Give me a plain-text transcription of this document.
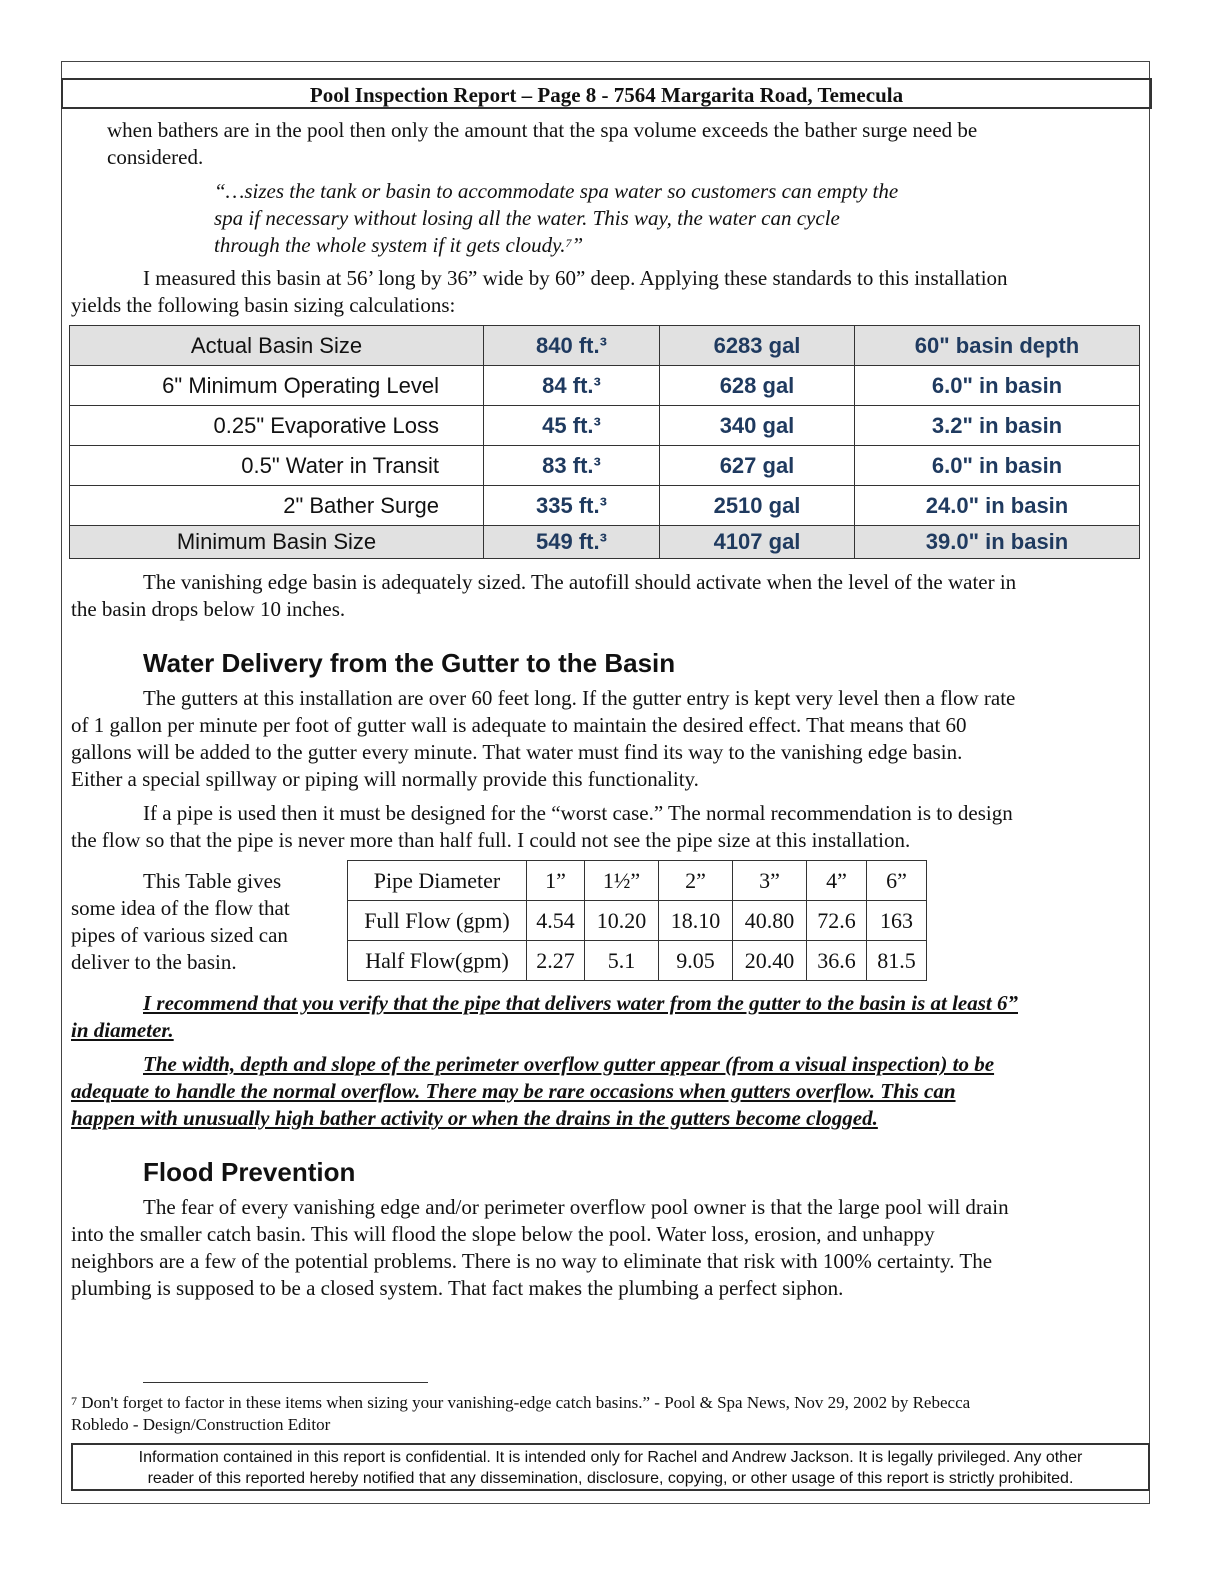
Pool Inspection Report – Page 8 - 7564 Margarita Road, Temecula

when bathers are in the pool then only the amount that the spa volume exceeds the bather surge need be

considered.

“…sizes the tank or basin to accommodate spa water so customers can empty the
spa if necessary without losing all the water. This way, the water can cycle
through the whole system if it gets cloudy.$^7$”

I measured this basin at 56’ long by 36” wide by 60” deep. Applying these standards to this installation

yields the following basin sizing calculations:

Actual Basin Size	840 ft.³	6283 gal	60" basin depth
6" Minimum Operating Level	84 ft.³	628 gal	6.0" in basin
0.25" Evaporative Loss	45 ft.³	340 gal	3.2" in basin
0.5" Water in Transit	83 ft.³	627 gal	6.0" in basin
2" Bather Surge	335 ft.³	2510 gal	24.0" in basin
Minimum Basin Size	549 ft.³	4107 gal	39.0" in basin

The vanishing edge basin is adequately sized. The autofill should activate when the level of the water in

the basin drops below 10 inches.

Water Delivery from the Gutter to the Basin

The gutters at this installation are over 60 feet long. If the gutter entry is kept very level then a flow rate

of 1 gallon per minute per foot of gutter wall is adequate to maintain the desired effect. That means that 60

gallons will be added to the gutter every minute. That water must find its way to the vanishing edge basin.

Either a special spillway or piping will normally provide this functionality.

If a pipe is used then it must be designed for the “worst case.” The normal recommendation is to design

the flow so that the pipe is never more than half full. I could not see the pipe size at this installation.

This Table gives

some idea of the flow that

pipes of various sized can

deliver to the basin.

Pipe Diameter	1”	1½”	2”	3”	4”	6”
Full Flow (gpm)	4.54	10.20	18.10	40.80	72.6	163
Half Flow(gpm)	2.27	5.1	9.05	20.40	36.6	81.5

I recommend that you verify that the pipe that delivers water from the gutter to the basin is at least 6”

in diameter.

The width, depth and slope of the perimeter overflow gutter appear (from a visual inspection) to be

adequate to handle the normal overflow. There may be rare occasions when gutters overflow. This can

happen with unusually high bather activity or when the drains in the gutters become clogged.

Flood Prevention

The fear of every vanishing edge and/or perimeter overflow pool owner is that the large pool will drain

into the smaller catch basin. This will flood the slope below the pool. Water loss, erosion, and unhappy

neighbors are a few of the potential problems. There is no way to eliminate that risk with 100% certainty. The

plumbing is supposed to be a closed system. That fact makes the plumbing a perfect siphon.

$^7$ Don't forget to factor in these items when sizing your vanishing-edge catch basins.” - Pool & Spa News, Nov 29, 2002 by Rebecca
Robledo - Design/Construction Editor
Information contained in this report is confidential. It is intended only for Rachel and Andrew Jackson. It is legally privileged. Any other
reader of this reported hereby notified that any dissemination, disclosure, copying, or other usage of this report is strictly prohibited.
